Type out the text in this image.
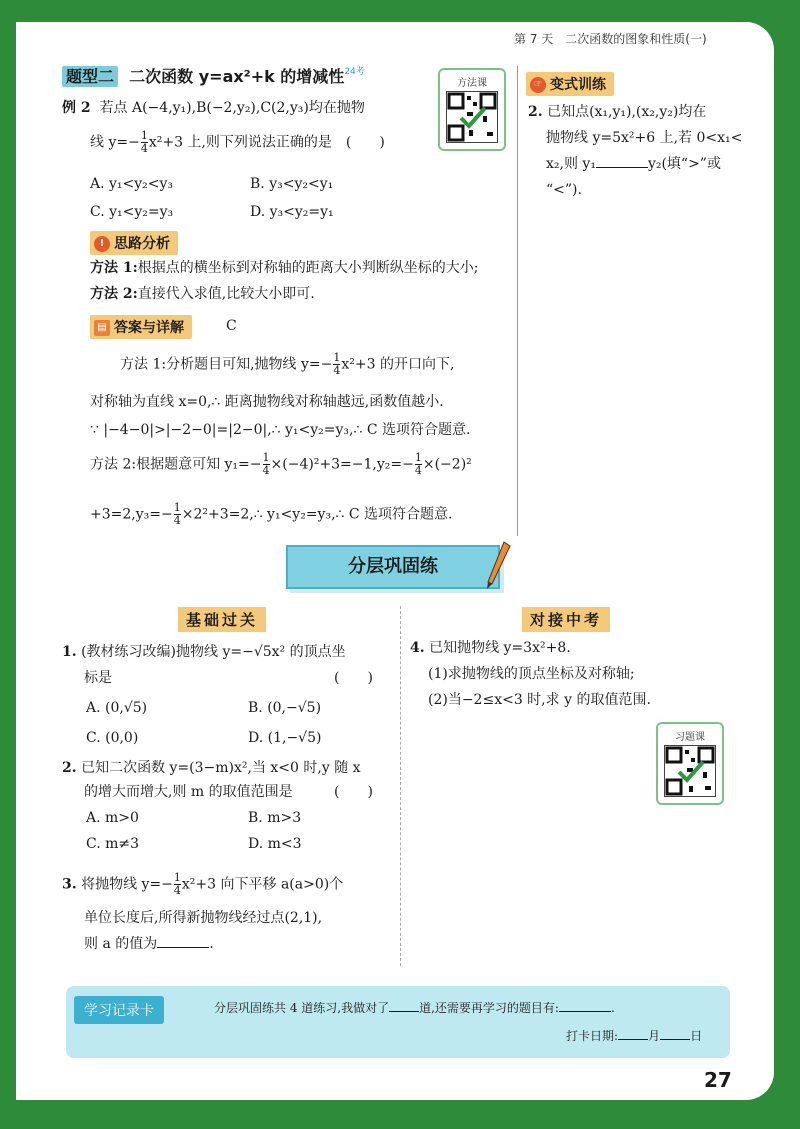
第 7 天　二次函数的图象和性质(一)
题型二 二次函数 y=ax²+k 的增减性$^{24考}$
方法课
例 2 若点 A(−4,y₁),B(−2,y₂),C(2,y₃)均在抛物
线 $y=- \frac{1}{4} x^2+3$ 上,则下列说法正确的是　(　　)
A. y₁<y₂<y₃	B. y₃<y₂<y₁
C. y₁<y₂=y₃	D. y₃<y₂=y₁
! 思路分析
方法 1:根据点的横坐标到对称轴的距离大小判断纵坐标的大小;
方法 2:直接代入求值,比较大小即可.
▤ 答案与详解	C
方法 1:分析题目可知,抛物线 $y=- \frac{1}{4} x^2+3$ 的开口向下,
对称轴为直线 x=0,∴ 距离抛物线对称轴越远,函数值越小.
∵ |−4−0|>|−2−0|=|2−0|,∴ y₁<y₂=y₃,∴ C 选项符合题意.
方法 2:根据题意可知 $y_1=- \frac{1}{4} \times(-4)^2+3=-1,y_2=- \frac{1}{4} \times(-2)^2$
$+3=2,y_3=- \frac{1}{4}$ ×2²+3=2,∴ y₁<y₂=y₃,∴ C 选项符合题意.
☞ 变式训练
2. 已知点(x₁,y₁),(x₂,y₂)均在
抛物线 y=5x²+6 上,若 0<x₁<
x₂,则 y₁	y₂(填“>”或
“<”).
分层巩固练
基础过关	对接中考
1. (教材练习改编)抛物线 y=−√5x² 的顶点坐
标是	(　　)
A. (0,√5)	B. (0,−√5)
C. (0,0)	D. (1,−√5)
2. 已知二次函数 y=(3−m)x²,当 x<0 时,y 随 x
的增大而增大,则 m 的取值范围是	(　　)
A. m>0	B. m>3
C. m≠3	D. m<3
3. 将抛物线 $y=- \frac{1}{4} x^2+3$ 向下平移 a(a>0)个
单位长度后,所得新抛物线经过点(2,1),
则 a 的值为	.
4. 已知抛物线 y=3x²+8.
(1)求抛物线的顶点坐标及对称轴;
(2)当−2≤x<3 时,求 y 的取值范围.
习题课
学习记录卡	分层巩固练共 4 道练习,我做对了	道,还需要再学习的题目有:	.
打卡日期:	月	日
27
